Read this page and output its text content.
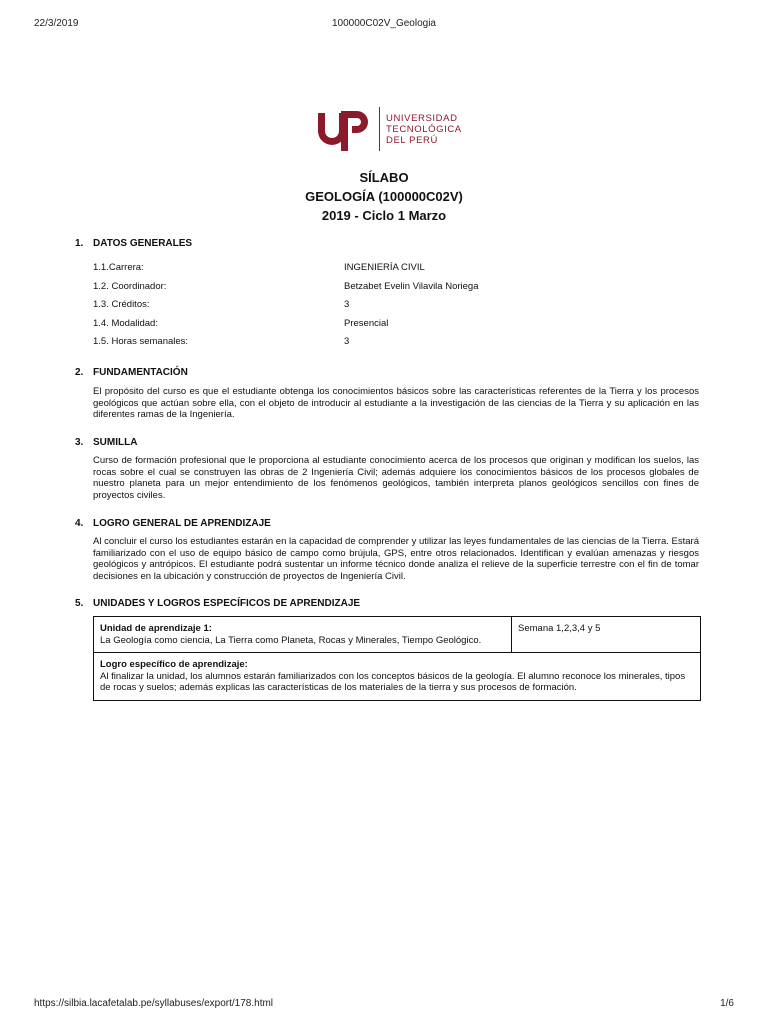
22/3/2019	100000C02V_Geologia
UNIVERSIDAD
TECNOLÓGICA
DEL PERÚ
SÍLABO
GEOLOGÍA (100000C02V)
2019 - Ciclo 1 Marzo
1. DATOS GENERALES
1.1.Carrera:	INGENIERÍA CIVIL
1.2. Coordinador:	Betzabet Evelin Vilavila Noriega
1.3. Créditos:	3
1.4. Modalidad:	Presencial
1.5. Horas semanales:	3
2. FUNDAMENTACIÓN
El propósito del curso es que el estudiante obtenga los conocimientos básicos sobre las características referentes de la Tierra y los procesos geológicos que actúan sobre ella, con el objeto de introducir al estudiante a la investigación de las ciencias de la Tierra y su aplicación en las diferentes ramas de la Ingeniería.
3. SUMILLA
Curso de formación profesional que le proporciona al estudiante conocimiento acerca de los procesos que originan y modifican los suelos, las rocas sobre el cual se construyen las obras de 2 Ingeniería Civil; además adquiere los conocimientos básicos de los procesos globales de nuestro planeta para un mejor entendimiento de los fenómenos geológicos, también interpreta planos geológicos sencillos con fines de proyectos civiles.
4. LOGRO GENERAL DE APRENDIZAJE
Al concluir el curso los estudiantes estarán en la capacidad de comprender y utilizar las leyes fundamentales de las ciencias de la Tierra. Estará familiarizado con el uso de equipo básico de campo como brújula, GPS, entre otros relacionados. Identifican y evalúan amenazas y riesgos geológicos y antrópicos. El estudiante podrá sustentar un informe técnico donde analiza el relieve de la superficie terrestre con el fin de tomar decisiones en la ubicación y construcción de proyectos de Ingeniería Civil.
5. UNIDADES Y LOGROS ESPECÍFICOS DE APRENDIZAJE
Unidad de aprendizaje 1:
La Geología como ciencia, La Tierra como Planeta, Rocas y Minerales, Tiempo Geológico.	Semana 1,2,3,4 y 5

Logro específico de aprendizaje:
Al finalizar la unidad, los alumnos estarán familiarizados con los conceptos básicos de la geología. El alumno reconoce los minerales, tipos de rocas y suelos; además explicas las características de los materiales de la tierra y sus procesos de formación.
https://silbia.lacafetalab.pe/syllabuses/export/178.html	1/6
